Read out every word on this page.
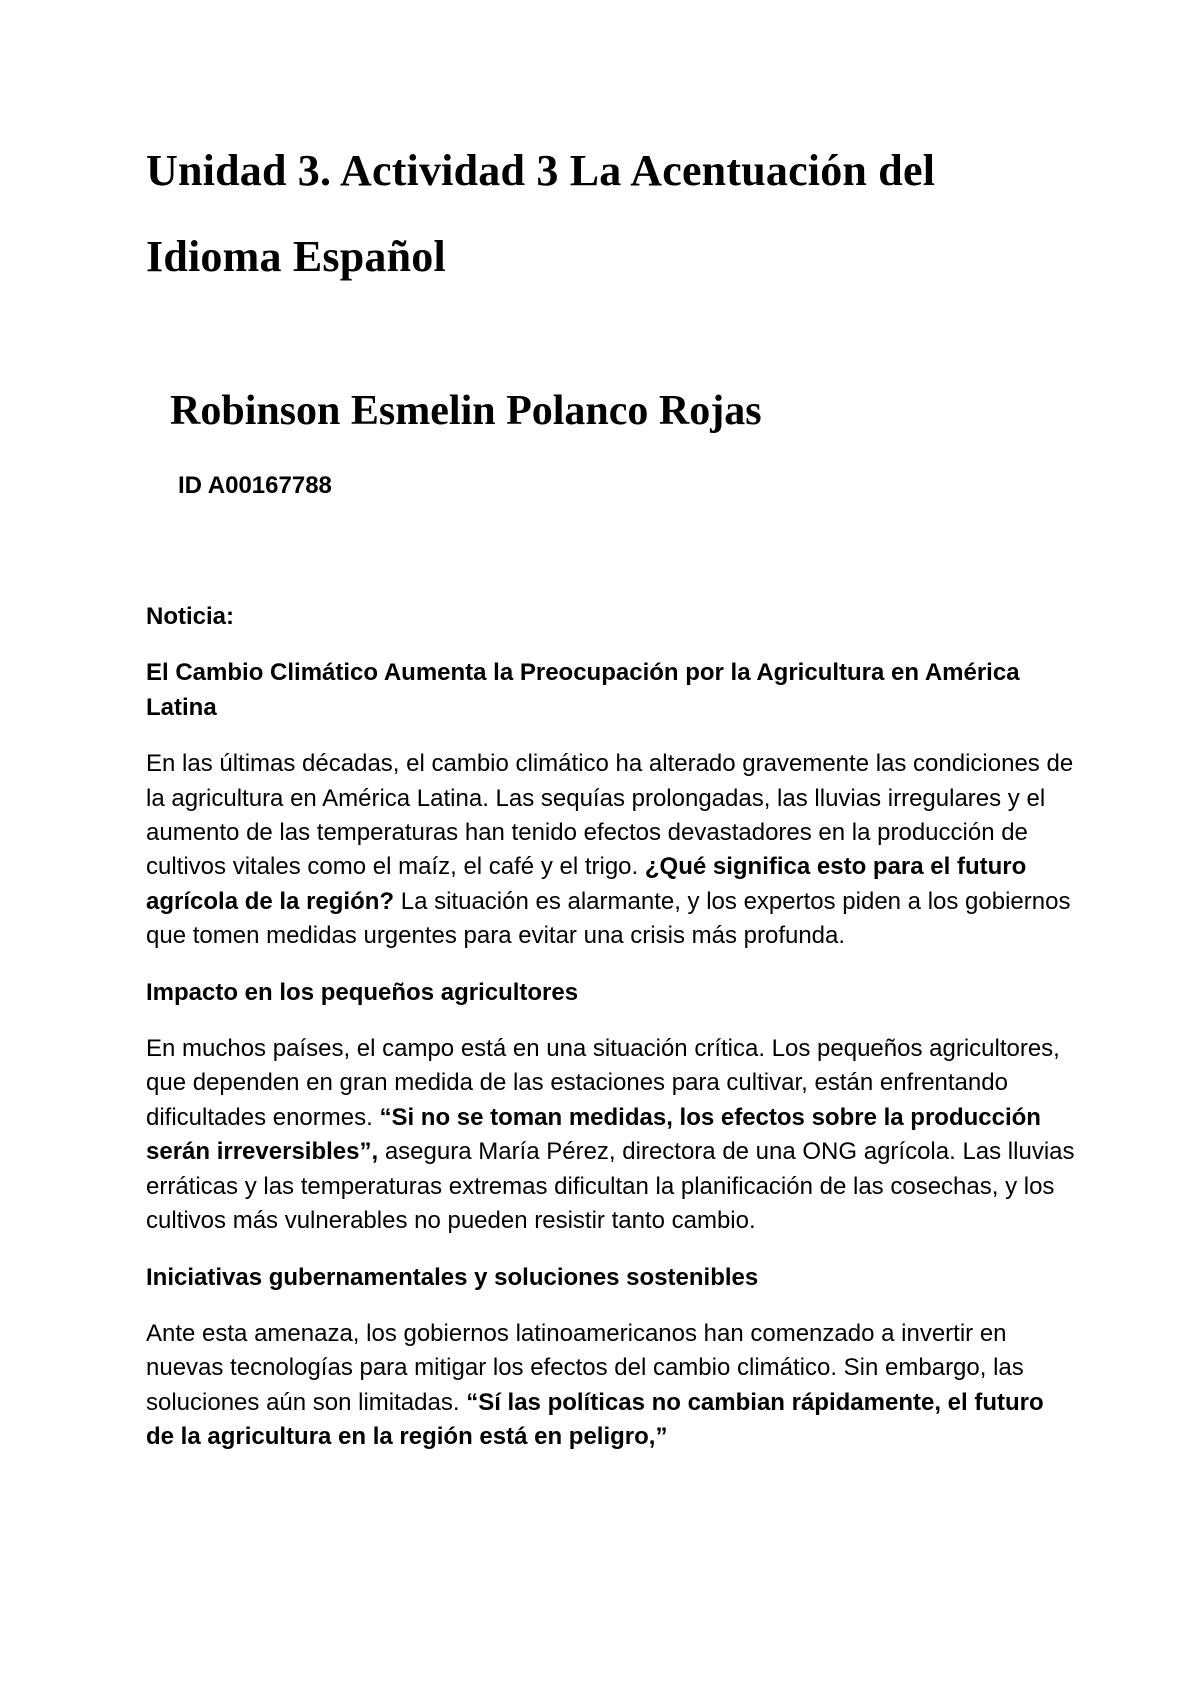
Unidad 3. Actividad 3 La Acentuación del Idioma Español
Robinson Esmelin Polanco Rojas
ID A00167788

Noticia:

El Cambio Climático Aumenta la Preocupación por la Agricultura en América Latina

En las últimas décadas, el cambio climático ha alterado gravemente las condiciones de la agricultura en América Latina. Las sequías prolongadas, las lluvias irregulares y el aumento de las temperaturas han tenido efectos devastadores en la producción de cultivos vitales como el maíz, el café y el trigo. ¿Qué significa esto para el futuro agrícola de la región? La situación es alarmante, y los expertos piden a los gobiernos que tomen medidas urgentes para evitar una crisis más profunda.

Impacto en los pequeños agricultores

En muchos países, el campo está en una situación crítica. Los pequeños agricultores, que dependen en gran medida de las estaciones para cultivar, están enfrentando dificultades enormes. “Si no se toman medidas, los efectos sobre la producción serán irreversibles”, asegura María Pérez, directora de una ONG agrícola. Las lluvias erráticas y las temperaturas extremas dificultan la planificación de las cosechas, y los cultivos más vulnerables no pueden resistir tanto cambio.

Iniciativas gubernamentales y soluciones sostenibles

Ante esta amenaza, los gobiernos latinoamericanos han comenzado a invertir en nuevas tecnologías para mitigar los efectos del cambio climático. Sin embargo, las soluciones aún son limitadas. “Sí las políticas no cambian rápidamente, el futuro de la agricultura en la región está en peligro,”
